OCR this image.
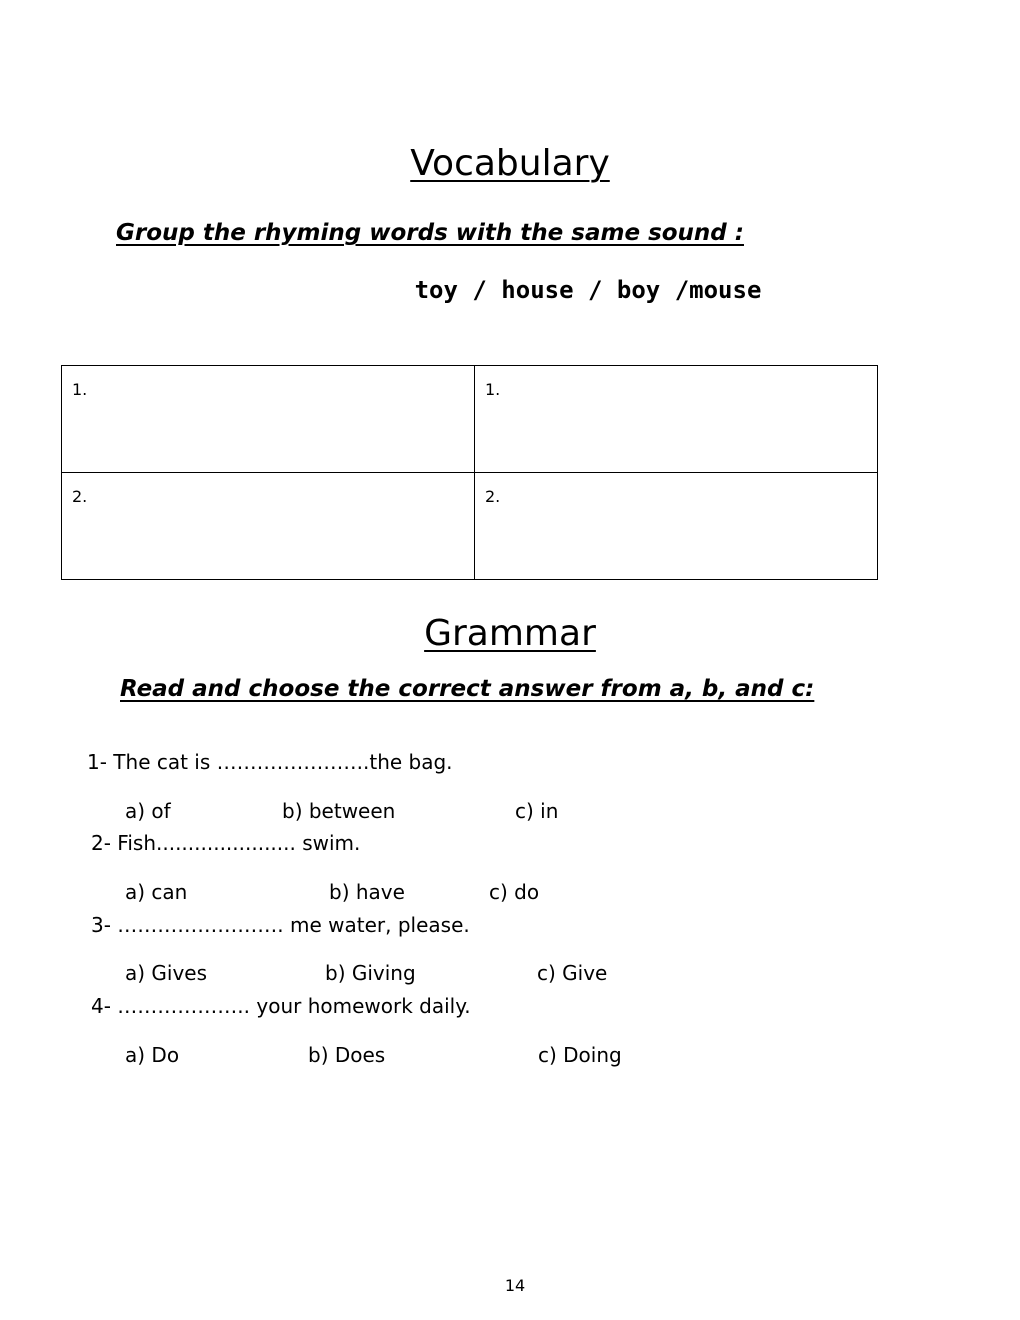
Vocabulary
Group the rhyming words with the same sound :
toy / house / boy /mouse
1.	1.
2.	2.
Grammar
Read and choose the correct answer from a, b, and c:
1- The cat is …………………..the bag.
a) of	b) between	c) in
2- Fish...................... swim.
a) can	b) have	c) do
3- ……………………. me water, please.
a) Gives	b) Giving	c) Give
4- ……………….. your homework daily.
a) Do	b) Does	c) Doing
14
